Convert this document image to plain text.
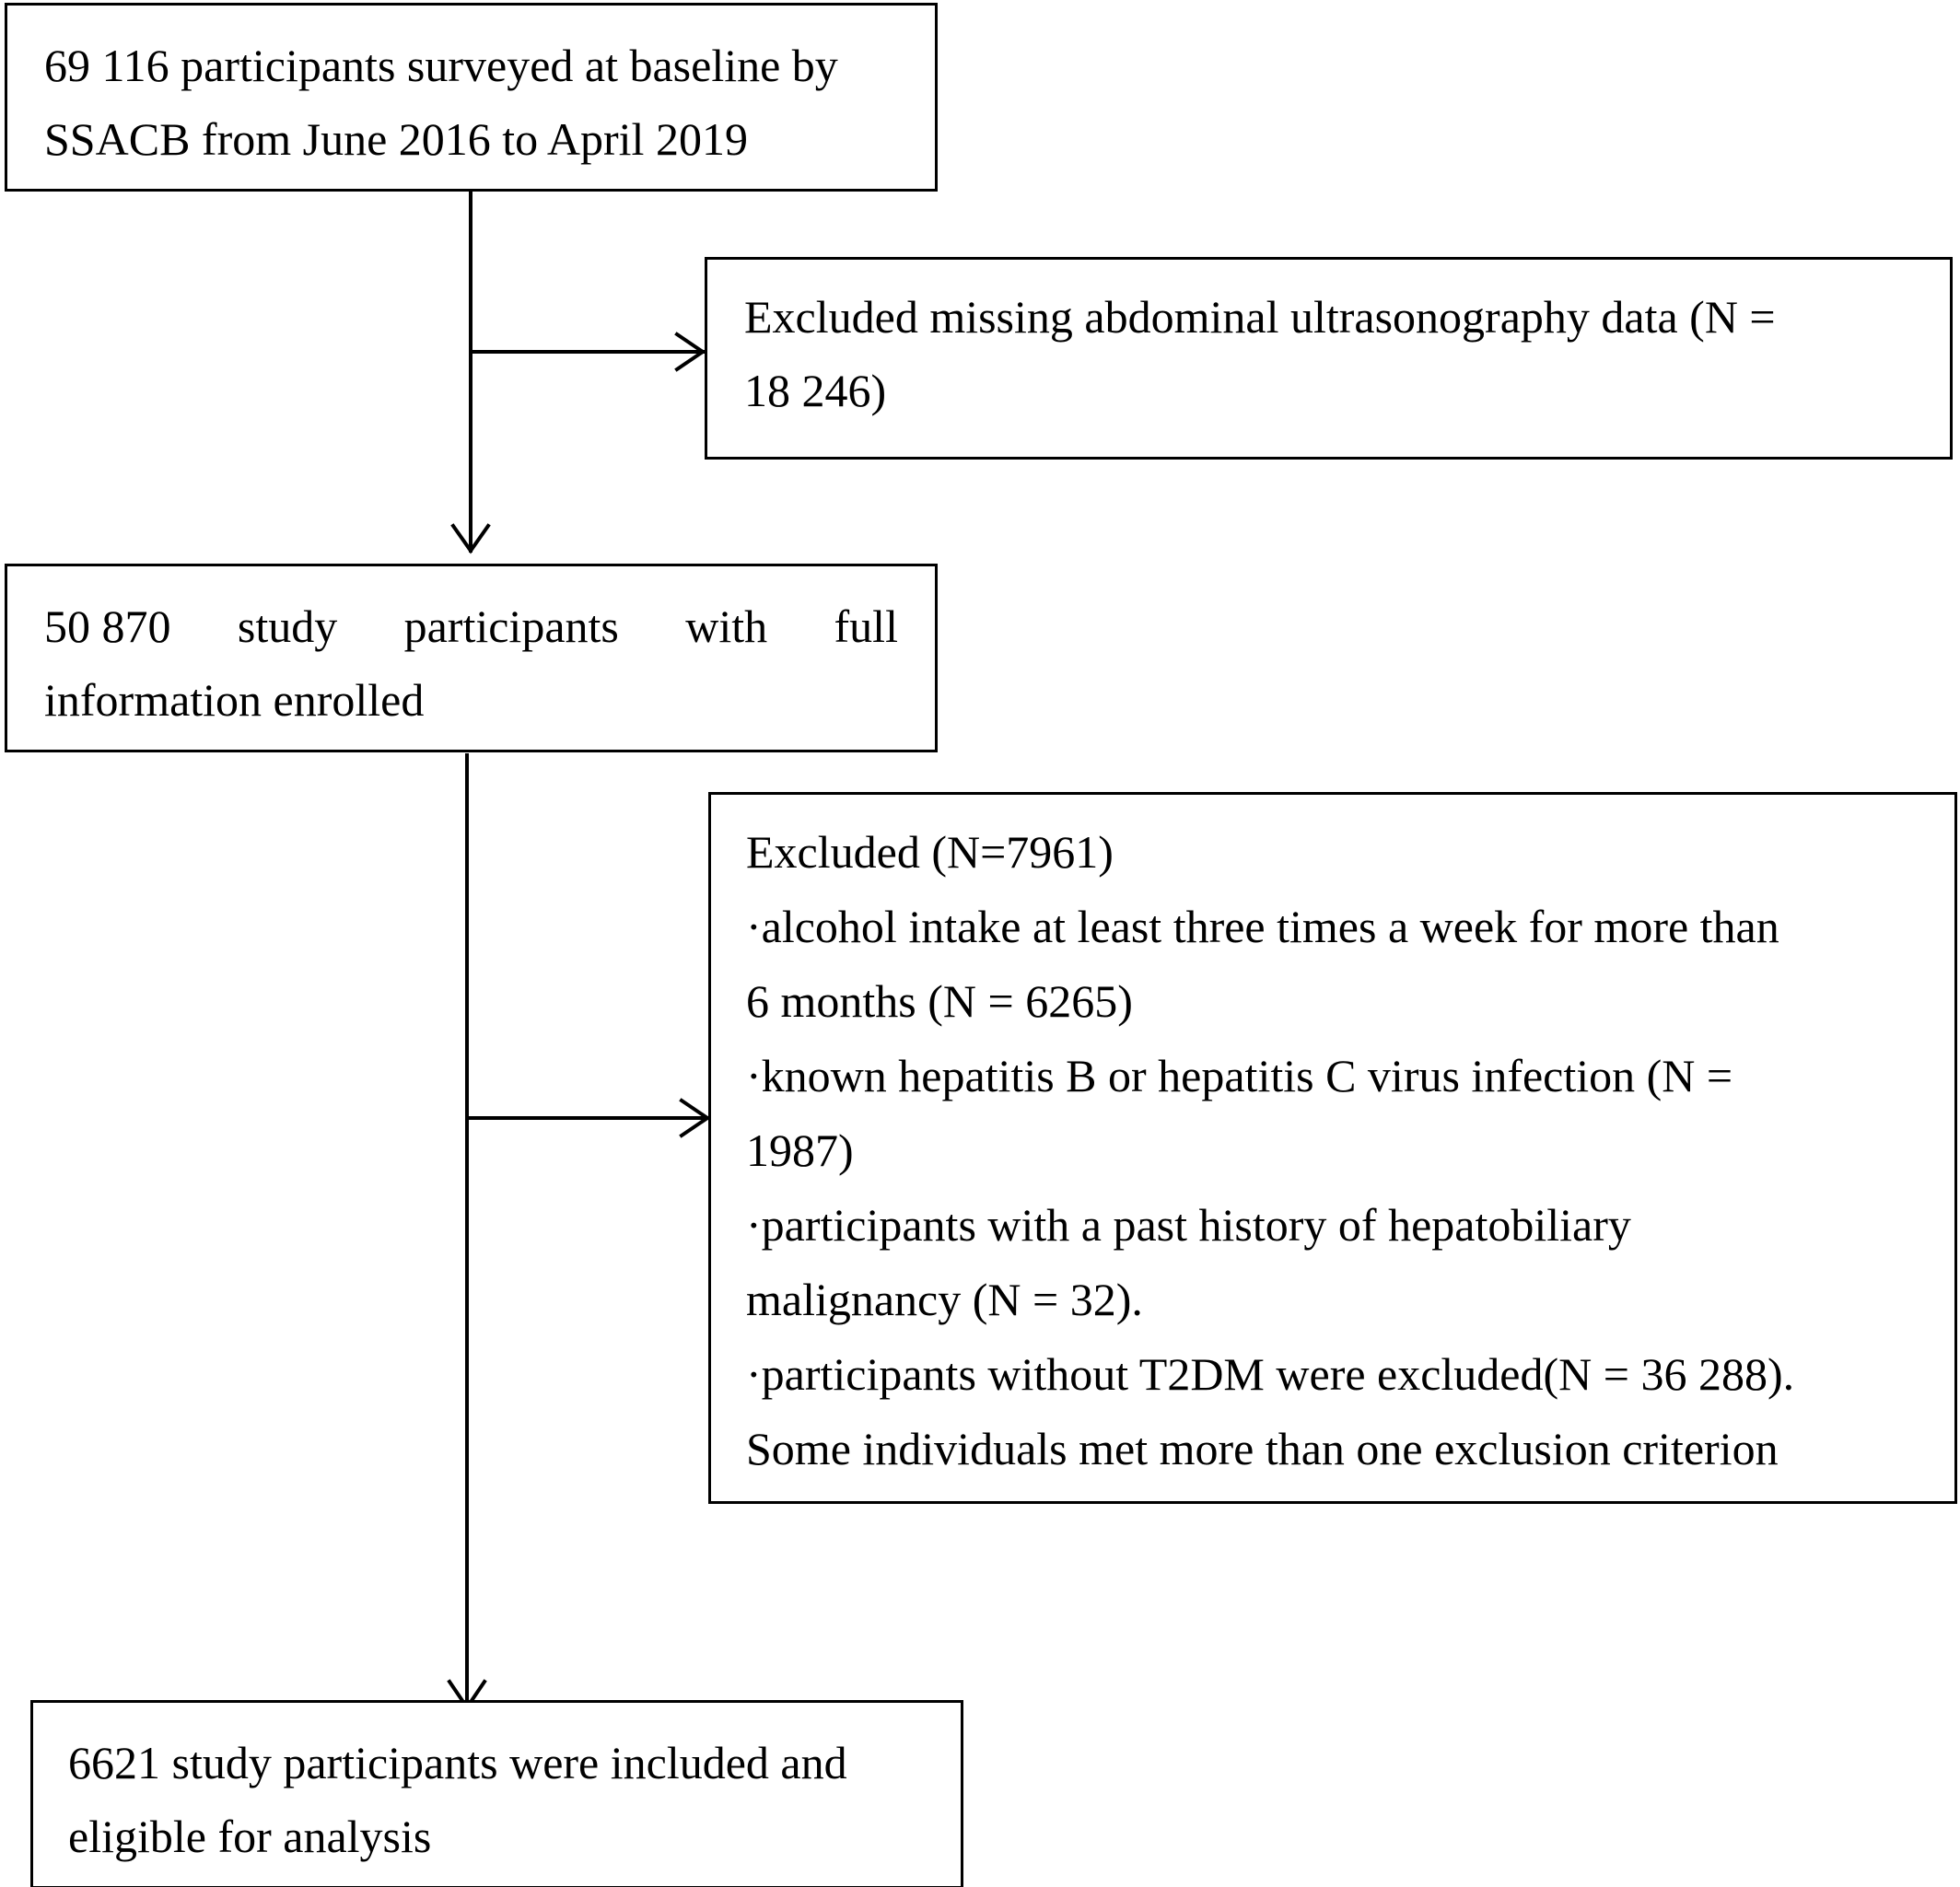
69 116 participants surveyed at baseline by
SSACB from June 2016 to April 2019
Excluded missing abdominal ultrasonography data (N =
18 246)
50 870 study participants with full
information enrolled
Excluded (N=7961)
·alcohol intake at least three times a week for more than
6 months (N = 6265)
·known hepatitis B or hepatitis C virus infection (N =
1987)
·participants with a past history of hepatobiliary
malignancy (N = 32).
·participants without T2DM were excluded(N = 36 288).
Some individuals met more than one exclusion criterion
6621 study participants were included and
eligible for analysis
